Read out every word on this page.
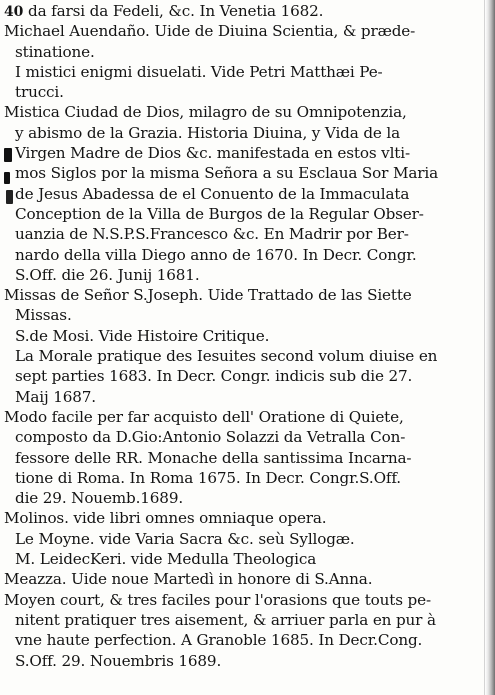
40 da farsi da Fedeli, &c. In Venetia 1682.
Michael Auendaño. Uide de Diuina Scientia, & præde-
stinatione.
I mistici enigmi disuelati. Vide Petri Matthæi Pe-
trucci.
Mistica Ciudad de Dios, milagro de su Omnipotenzia,
y abismo de la Grazia. Historia Diuina, y Vida de la
Virgen Madre de Dios &c. manifestada en estos vlti-
mos Siglos por la misma Señora a su Esclaua Sor Maria
de Jesus Abadessa de el Conuento de la Immaculata
Conception de la Villa de Burgos de la Regular Obser-
uanzia de N.S.P.S.Francesco &c. En Madrir por Ber-
nardo della villa Diego anno de 1670. In Decr. Congr.
S.Off. die 26. Junij 1681.
Missas de Señor S.Joseph. Uide Trattado de las Siette
Missas.
S.de Mosi. Vide Histoire Critique.
La Morale pratique des Iesuites second volum diuise en
sept parties 1683. In Decr. Congr. indicis sub die 27.
Maij 1687.
Modo facile per far acquisto dell' Oratione di Quiete,
composto da D.Gio:Antonio Solazzi da Vetralla Con-
fessore delle RR. Monache della santissima Incarna-
tione di Roma. In Roma 1675. In Decr. Congr.S.Off.
die 29. Nouemb.1689.
Molinos. vide libri omnes omniaque opera.
Le Moyne. vide Varia Sacra &c. seù Syllogæ.
M. LeidecKeri. vide Medulla Theologica
Meazza. Uide noue Martedì in honore di S.Anna.
Moyen court, & tres faciles pour l'orasions que touts pe-
nitent pratiquer tres aisement, & arriuer parla en pur à
vne haute perfection. A Granoble 1685. In Decr.Cong.
S.Off. 29. Nouembris 1689.
